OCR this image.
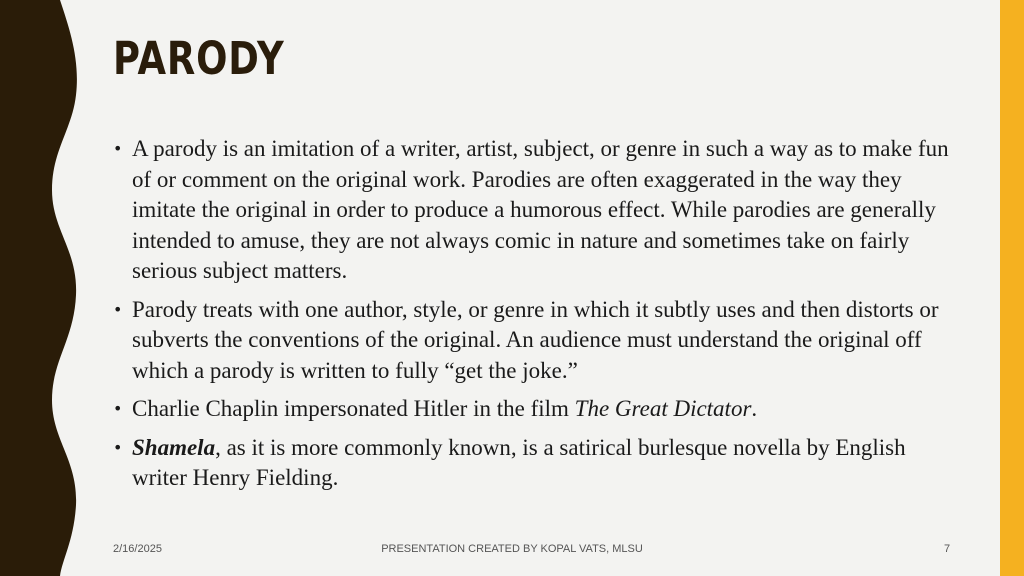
PARODY
• A parody is an imitation of a writer, artist, subject, or genre in such a way as to make fun of or comment on the original work. Parodies are often exaggerated in the way they imitate the original in order to produce a humorous effect. While parodies are generally intended to amuse, they are not always comic in nature and sometimes take on fairly serious subject matters.
• Parody treats with one author, style, or genre in which it subtly uses and then distorts or subverts the conventions of the original. An audience must understand the original off which a parody is written to fully “get the joke.”
• Charlie Chaplin impersonated Hitler in the film The Great Dictator.
• Shamela, as it is more commonly known, is a satirical burlesque novella by English writer Henry Fielding.
2/16/2025	PRESENTATION CREATED BY KOPAL VATS, MLSU	7
